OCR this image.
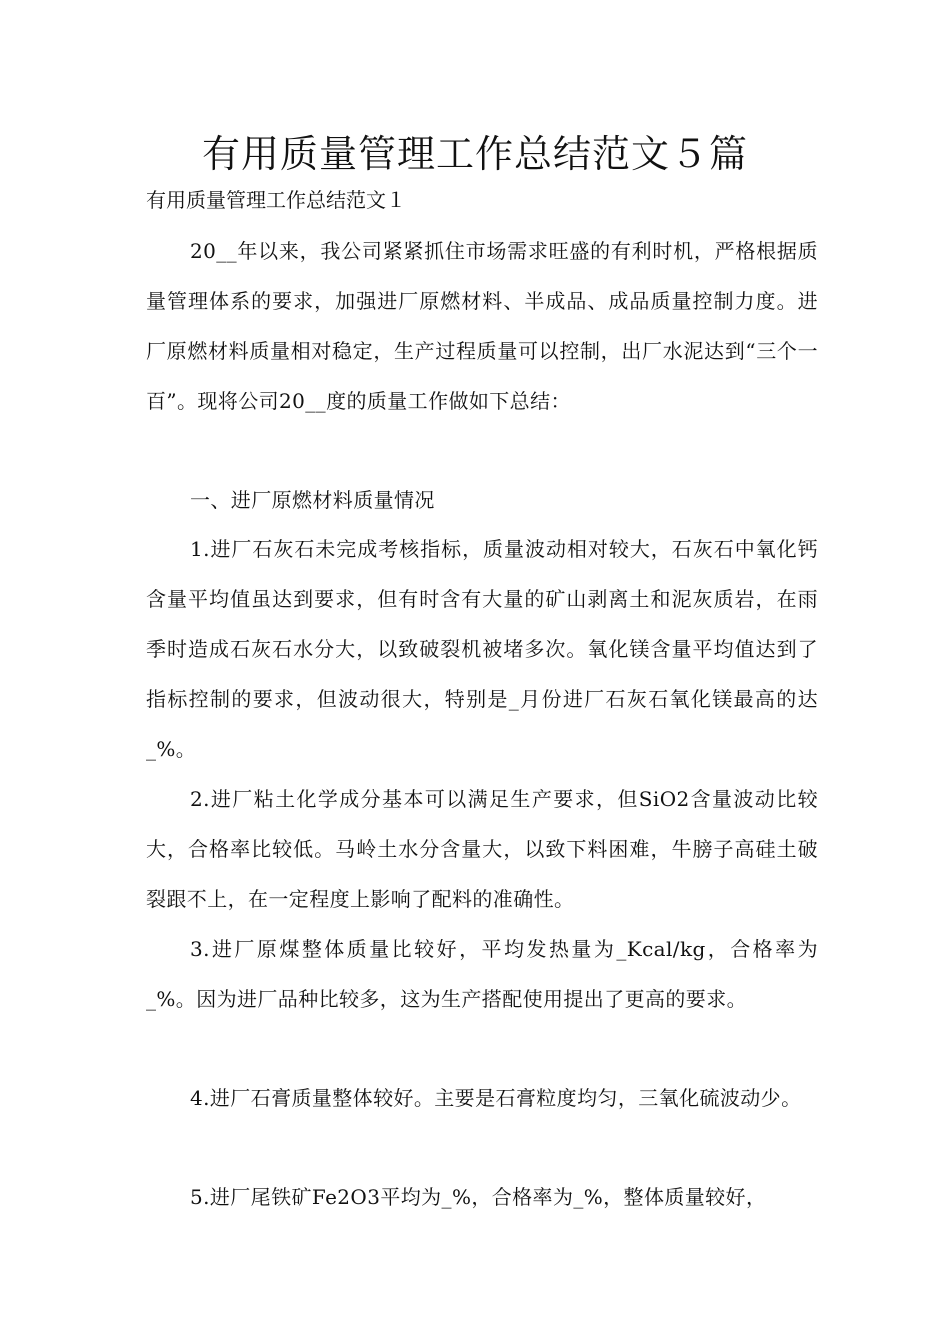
有用质量管理工作总结范文５篇

有用质量管理工作总结范文１

20__年以来，我公司紧紧抓住市场需求旺盛的有利时机，严格根据质量管理体系的要求，加强进厂原燃材料、半成品、成品质量控制力度。进厂原燃材料质量相对稳定，生产过程质量可以控制，出厂水泥达到“三个一百”。现将公司20__度的质量工作做如下总结：

一、进厂原燃材料质量情况

1.进厂石灰石未完成考核指标，质量波动相对较大，石灰石中氧化钙含量平均值虽达到要求，但有时含有大量的矿山剥离土和泥灰质岩，在雨季时造成石灰石水分大，以致破裂机被堵多次。氧化镁含量平均值达到了指标控制的要求，但波动很大，特别是_月份进厂石灰石氧化镁最高的达_%。

2.进厂粘土化学成分基本可以满足生产要求，但SiO2含量波动比较大，合格率比较低。马岭土水分含量大，以致下料困难，牛膀子高硅土破裂跟不上，在一定程度上影响了配料的准确性。

3.进厂原煤整体质量比较好，平均发热量为_Kcal/kg，合格率为_%。因为进厂品种比较多，这为生产搭配使用提出了更高的要求。

4.进厂石膏质量整体较好。主要是石膏粒度均匀，三氧化硫波动少。

5.进厂尾铁矿Fe2O3平均为_%，合格率为_%，整体质量较好，
